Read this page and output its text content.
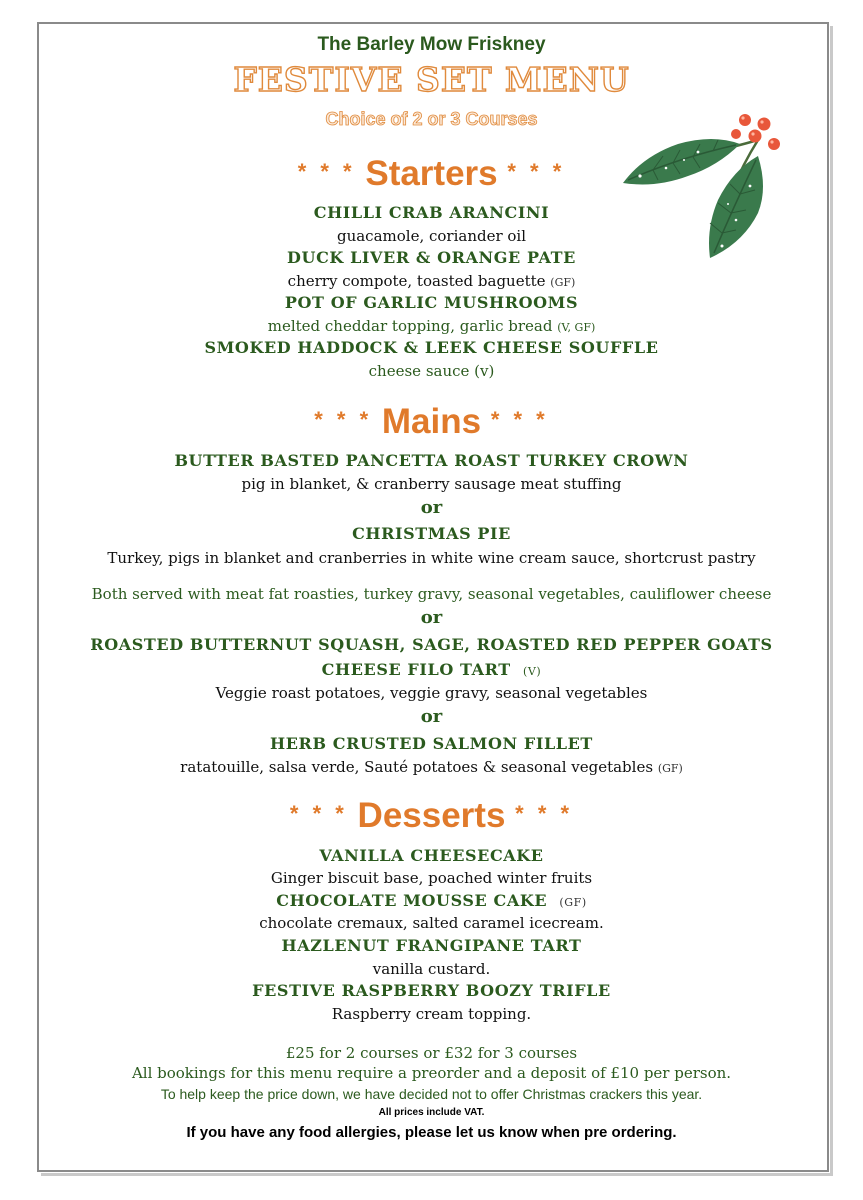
The Barley Mow Friskney
FESTIVE SET MENU
Choice of 2 or 3 Courses
* * * Starters * * *
CHILLI CRAB ARANCINI
guacamole, coriander oil
DUCK LIVER & ORANGE PATE
cherry compote, toasted baguette (GF)
POT OF GARLIC MUSHROOMS
melted cheddar topping, garlic bread (V, GF)
SMOKED HADDOCK & LEEK CHEESE SOUFFLE
cheese sauce (v)
* * * Mains * * *
BUTTER BASTED PANCETTA ROAST TURKEY CROWN
pig in blanket, & cranberry sausage meat stuffing
or
CHRISTMAS PIE
Turkey, pigs in blanket and cranberries in white wine cream sauce, shortcrust pastry
Both served with meat fat roasties, turkey gravy, seasonal vegetables, cauliflower cheese
or
ROASTED BUTTERNUT SQUASH, SAGE, ROASTED RED PEPPER GOATS
CHEESE FILO TART (V)
Veggie roast potatoes, veggie gravy, seasonal vegetables
or
HERB CRUSTED SALMON FILLET
ratatouille, salsa verde, Sauté potatoes & seasonal vegetables (GF)
* * * Desserts * * *
VANILLA CHEESECAKE
Ginger biscuit base, poached winter fruits
CHOCOLATE MOUSSE CAKE (GF)
chocolate cremaux, salted caramel icecream.
HAZLENUT FRANGIPANE TART
vanilla custard.
FESTIVE RASPBERRY BOOZY TRIFLE
Raspberry cream topping.
£25 for 2 courses or £32 for 3 courses
All bookings for this menu require a preorder and a deposit of £10 per person.
To help keep the price down, we have decided not to offer Christmas crackers this year.
All prices include VAT.
If you have any food allergies, please let us know when pre ordering.
